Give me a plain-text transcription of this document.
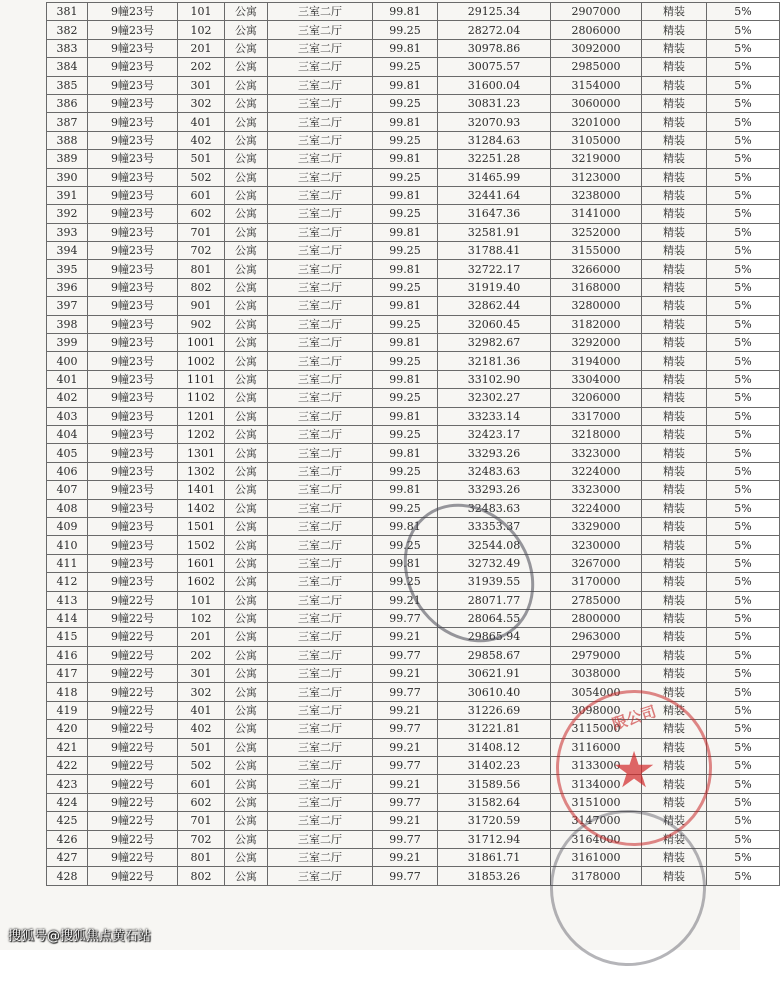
381	9幢23号	101	公寓	三室二厅	99.81	29125.34	2907000	精装	5%
382	9幢23号	102	公寓	三室二厅	99.25	28272.04	2806000	精装	5%
383	9幢23号	201	公寓	三室二厅	99.81	30978.86	3092000	精装	5%
384	9幢23号	202	公寓	三室二厅	99.25	30075.57	2985000	精装	5%
385	9幢23号	301	公寓	三室二厅	99.81	31600.04	3154000	精装	5%
386	9幢23号	302	公寓	三室二厅	99.25	30831.23	3060000	精装	5%
387	9幢23号	401	公寓	三室二厅	99.81	32070.93	3201000	精装	5%
388	9幢23号	402	公寓	三室二厅	99.25	31284.63	3105000	精装	5%
389	9幢23号	501	公寓	三室二厅	99.81	32251.28	3219000	精装	5%
390	9幢23号	502	公寓	三室二厅	99.25	31465.99	3123000	精装	5%
391	9幢23号	601	公寓	三室二厅	99.81	32441.64	3238000	精装	5%
392	9幢23号	602	公寓	三室二厅	99.25	31647.36	3141000	精装	5%
393	9幢23号	701	公寓	三室二厅	99.81	32581.91	3252000	精装	5%
394	9幢23号	702	公寓	三室二厅	99.25	31788.41	3155000	精装	5%
395	9幢23号	801	公寓	三室二厅	99.81	32722.17	3266000	精装	5%
396	9幢23号	802	公寓	三室二厅	99.25	31919.40	3168000	精装	5%
397	9幢23号	901	公寓	三室二厅	99.81	32862.44	3280000	精装	5%
398	9幢23号	902	公寓	三室二厅	99.25	32060.45	3182000	精装	5%
399	9幢23号	1001	公寓	三室二厅	99.81	32982.67	3292000	精装	5%
400	9幢23号	1002	公寓	三室二厅	99.25	32181.36	3194000	精装	5%
401	9幢23号	1101	公寓	三室二厅	99.81	33102.90	3304000	精装	5%
402	9幢23号	1102	公寓	三室二厅	99.25	32302.27	3206000	精装	5%
403	9幢23号	1201	公寓	三室二厅	99.81	33233.14	3317000	精装	5%
404	9幢23号	1202	公寓	三室二厅	99.25	32423.17	3218000	精装	5%
405	9幢23号	1301	公寓	三室二厅	99.81	33293.26	3323000	精装	5%
406	9幢23号	1302	公寓	三室二厅	99.25	32483.63	3224000	精装	5%
407	9幢23号	1401	公寓	三室二厅	99.81	33293.26	3323000	精装	5%
408	9幢23号	1402	公寓	三室二厅	99.25	32483.63	3224000	精装	5%
409	9幢23号	1501	公寓	三室二厅	99.81	33353.37	3329000	精装	5%
410	9幢23号	1502	公寓	三室二厅	99.25	32544.08	3230000	精装	5%
411	9幢23号	1601	公寓	三室二厅	99.81	32732.49	3267000	精装	5%
412	9幢23号	1602	公寓	三室二厅	99.25	31939.55	3170000	精装	5%
413	9幢22号	101	公寓	三室二厅	99.21	28071.77	2785000	精装	5%
414	9幢22号	102	公寓	三室二厅	99.77	28064.55	2800000	精装	5%
415	9幢22号	201	公寓	三室二厅	99.21	29865.94	2963000	精装	5%
416	9幢22号	202	公寓	三室二厅	99.77	29858.67	2979000	精装	5%
417	9幢22号	301	公寓	三室二厅	99.21	30621.91	3038000	精装	5%
418	9幢22号	302	公寓	三室二厅	99.77	30610.40	3054000	精装	5%
419	9幢22号	401	公寓	三室二厅	99.21	31226.69	3098000	精装	5%
420	9幢22号	402	公寓	三室二厅	99.77	31221.81	3115000	精装	5%
421	9幢22号	501	公寓	三室二厅	99.21	31408.12	3116000	精装	5%
422	9幢22号	502	公寓	三室二厅	99.77	31402.23	3133000	精装	5%
423	9幢22号	601	公寓	三室二厅	99.21	31589.56	3134000	精装	5%
424	9幢22号	602	公寓	三室二厅	99.77	31582.64	3151000	精装	5%
425	9幢22号	701	公寓	三室二厅	99.21	31720.59	3147000	精装	5%
426	9幢22号	702	公寓	三室二厅	99.77	31712.94	3164000	精装	5%
427	9幢22号	801	公寓	三室二厅	99.21	31861.71	3161000	精装	5%
428	9幢22号	802	公寓	三室二厅	99.77	31853.26	3178000	精装	5%
限公司
★
搜狐号@搜狐焦点黄石站
